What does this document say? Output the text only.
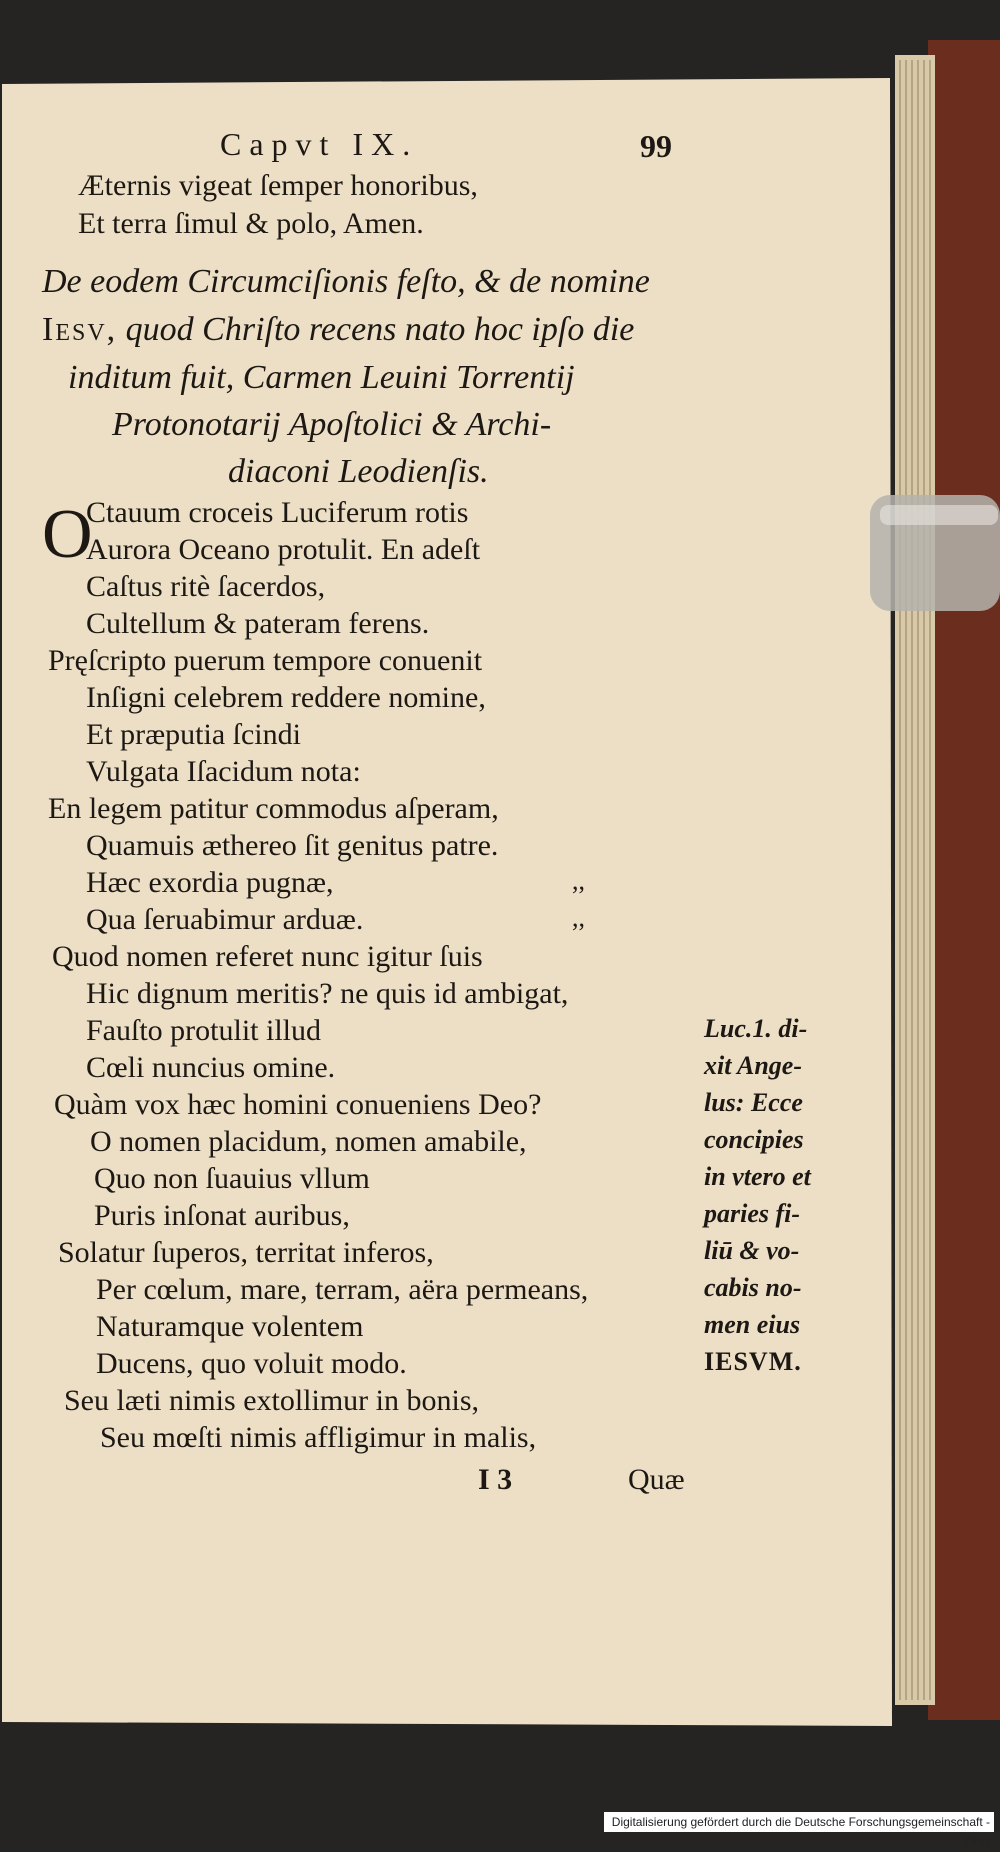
Capvt IX.	99
Æternis vigeat ſemper honoribus,
Et terra ſimul & polo, Amen.
De eodem Circumciſionis feſto, & de nomine
Iesv, quod Chriſto recens nato hoc ipſo die
inditum fuit, Carmen Leuini Torrentij
Protonotarij Apoſtolici & Archi-
diaconi Leodienſis.
O
Ctauum croceis Luciferum rotis
Aurora Oceano protulit. En adeſt
Caſtus ritè ſacerdos,
Cultellum & pateram ferens.
Pręſcripto puerum tempore conuenit
Inſigni celebrem reddere nomine,
Et præputia ſcindi
Vulgata Iſacidum nota:
En legem patitur commodus aſperam,
Quamuis æthereo ſit genitus patre.
Hæc exordia pugnæ,	,,
Qua ſeruabimur arduæ.	,,
Quod nomen referet nunc igitur ſuis
Hic dignum meritis? ne quis id ambigat,
Fauſto protulit illud
Cœli nuncius omine.
Quàm vox hæc homini conueniens Deo?
O nomen placidum, nomen amabile,
Quo non ſuauius vllum
Puris inſonat auribus,
Solatur ſuperos, territat inferos,
Per cœlum, mare, terram, aëra permeans,
Naturamque volentem
Ducens, quo voluit modo.
Seu læti nimis extollimur in bonis,
Seu mœſti nimis affligimur in malis,
Luc.1. di-
xit Ange-
lus: Ecce
concipies
in vtero et
paries fi-
liū & vo-
cabis no-
men eius
IESVM.
I 3	Quæ
Digitalisierung gefördert durch die Deutsche Forschungsgemeinschaft - DFG
